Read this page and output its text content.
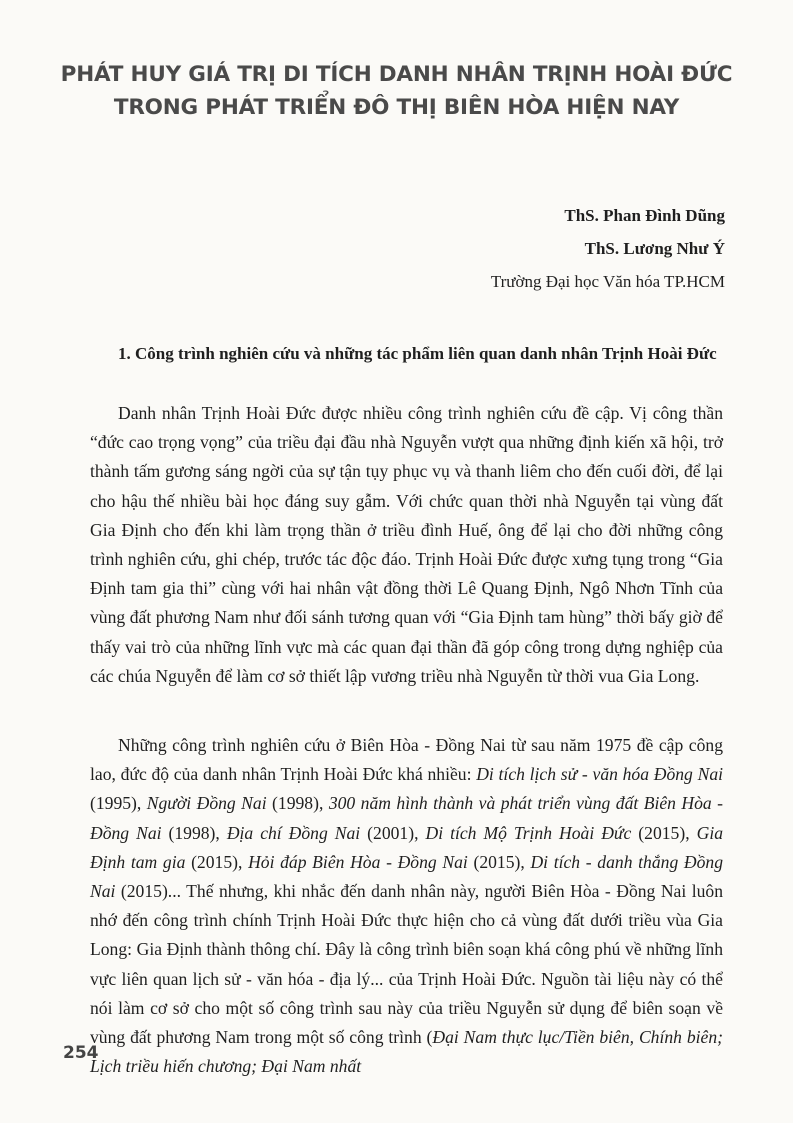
PHÁT HUY GIÁ TRỊ DI TÍCH DANH NHÂN TRỊNH HOÀI ĐỨC
TRONG PHÁT TRIỂN ĐÔ THỊ BIÊN HÒA HIỆN NAY
ThS. Phan Đình Dũng
ThS. Lương Như Ý
Trường Đại học Văn hóa TP.HCM
1. Công trình nghiên cứu và những tác phẩm liên quan danh nhân Trịnh Hoài Đức

Danh nhân Trịnh Hoài Đức được nhiều công trình nghiên cứu đề cập. Vị công thần “đức cao trọng vọng” của triều đại đầu nhà Nguyễn vượt qua những định kiến xã hội, trở thành tấm gương sáng ngời của sự tận tụy phục vụ và thanh liêm cho đến cuối đời, để lại cho hậu thế nhiều bài học đáng suy gẫm. Với chức quan thời nhà Nguyễn tại vùng đất Gia Định cho đến khi làm trọng thần ở triều đình Huế, ông để lại cho đời những công trình nghiên cứu, ghi chép, trước tác độc đáo. Trịnh Hoài Đức được xưng tụng trong “Gia Định tam gia thi” cùng với hai nhân vật đồng thời Lê Quang Định, Ngô Nhơn Tĩnh của vùng đất phương Nam như đối sánh tương quan với “Gia Định tam hùng” thời bấy giờ để thấy vai trò của những lĩnh vực mà các quan đại thần đã góp công trong dựng nghiệp của các chúa Nguyễn để làm cơ sở thiết lập vương triều nhà Nguyễn từ thời vua Gia Long.

Những công trình nghiên cứu ở Biên Hòa - Đồng Nai từ sau năm 1975 đề cập công lao, đức độ của danh nhân Trịnh Hoài Đức khá nhiều: Di tích lịch sử - văn hóa Đồng Nai (1995), Người Đồng Nai (1998), 300 năm hình thành và phát triển vùng đất Biên Hòa - Đồng Nai (1998), Địa chí Đồng Nai (2001), Di tích Mộ Trịnh Hoài Đức (2015), Gia Định tam gia (2015), Hỏi đáp Biên Hòa - Đồng Nai (2015), Di tích - danh thắng Đồng Nai (2015)... Thế nhưng, khi nhắc đến danh nhân này, người Biên Hòa - Đồng Nai luôn nhớ đến công trình chính Trịnh Hoài Đức thực hiện cho cả vùng đất dưới triều vùa Gia Long: Gia Định thành thông chí. Đây là công trình biên soạn khá công phú về những lĩnh vực liên quan lịch sử - văn hóa - địa lý... của Trịnh Hoài Đức. Nguồn tài liệu này có thể nói làm cơ sở cho một số công trình sau này của triều Nguyễn sử dụng để biên soạn về vùng đất phương Nam trong một số công trình (Đại Nam thực lục/Tiền biên, Chính biên; Lịch triều hiến chương; Đại Nam nhất

254
